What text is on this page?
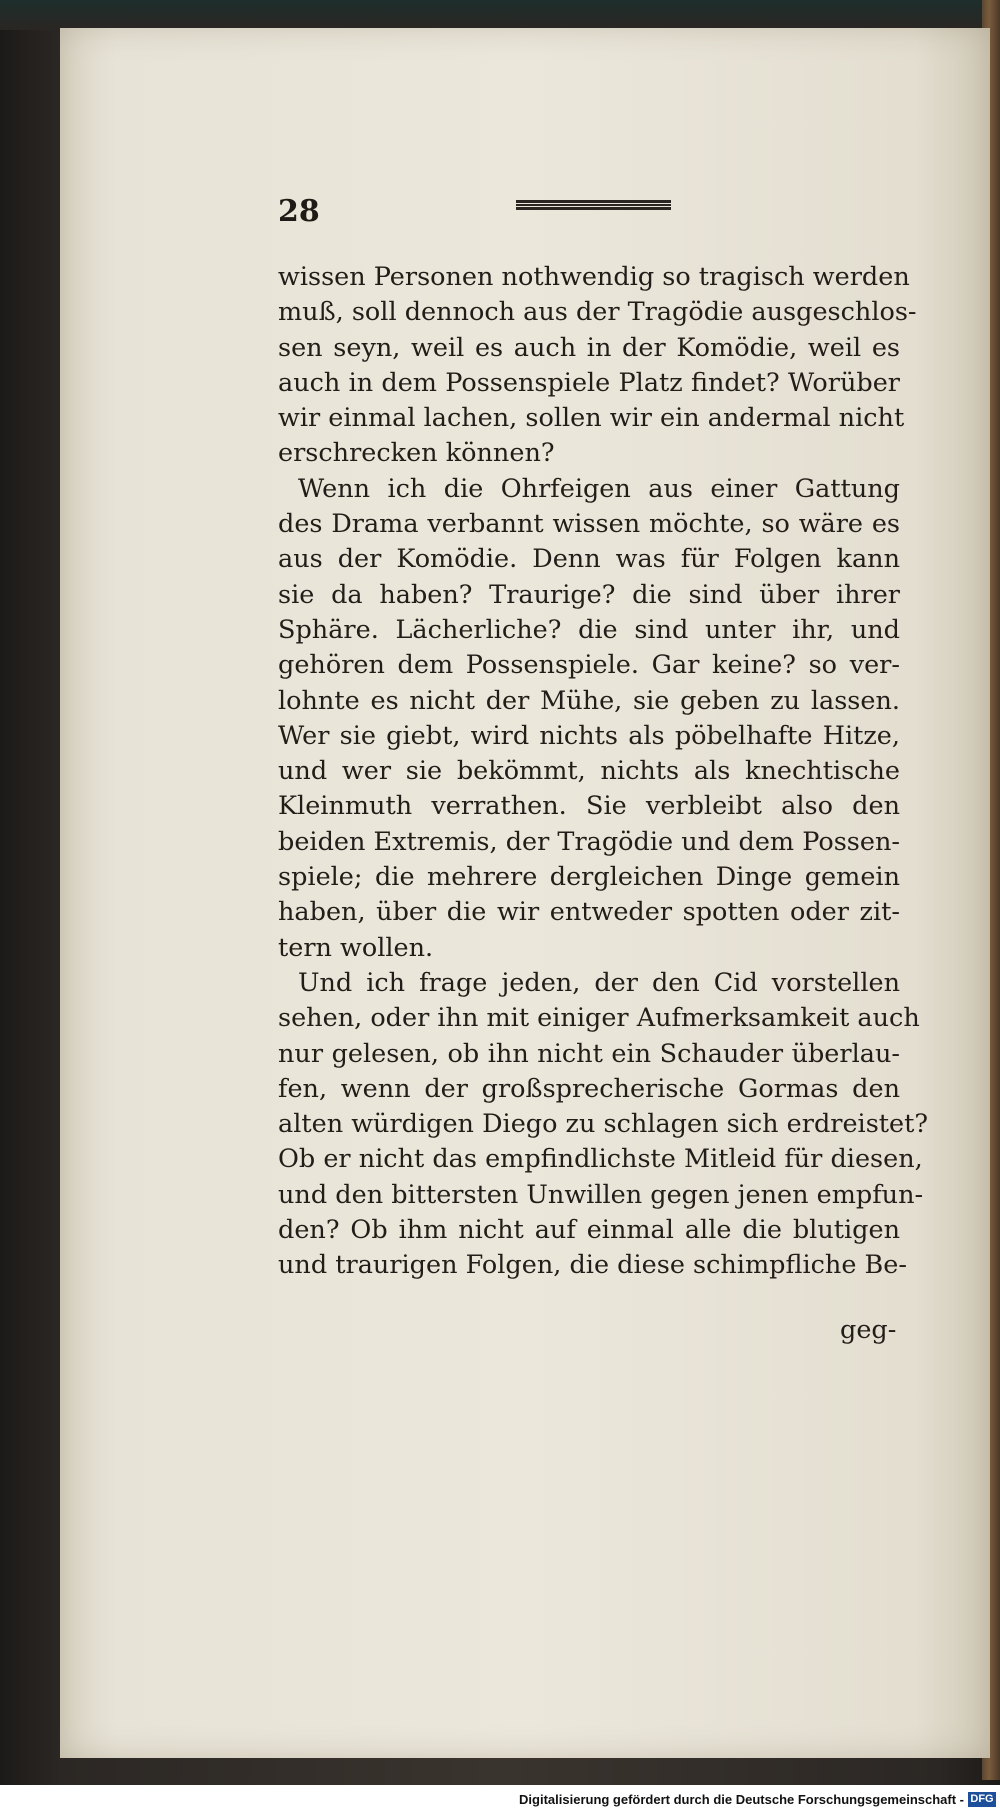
28
wissen Personen nothwendig so tragisch werden
muß, soll dennoch aus der Tragödie ausgeschlos-
sen seyn, weil es auch in der Komödie, weil es
auch in dem Possenspiele Platz findet? Worüber
wir einmal lachen, sollen wir ein andermal nicht
erschrecken können?
Wenn ich die Ohrfeigen aus einer Gattung
des Drama verbannt wissen möchte, so wäre es
aus der Komödie. Denn was für Folgen kann
sie da haben? Traurige? die sind über ihrer
Sphäre. Lächerliche? die sind unter ihr, und
gehören dem Possenspiele. Gar keine? so ver-
lohnte es nicht der Mühe, sie geben zu lassen.
Wer sie giebt, wird nichts als pöbelhafte Hitze,
und wer sie bekömmt, nichts als knechtische
Kleinmuth verrathen. Sie verbleibt also den
beiden Extremis, der Tragödie und dem Possen-
spiele; die mehrere dergleichen Dinge gemein
haben, über die wir entweder spotten oder zit-
tern wollen.
Und ich frage jeden, der den Cid vorstellen
sehen, oder ihn mit einiger Aufmerksamkeit auch
nur gelesen, ob ihn nicht ein Schauder überlau-
fen, wenn der großsprecherische Gormas den
alten würdigen Diego zu schlagen sich erdreistet?
Ob er nicht das empfindlichste Mitleid für diesen,
und den bittersten Unwillen gegen jenen empfun-
den? Ob ihm nicht auf einmal alle die blutigen
und traurigen Folgen, die diese schimpfliche Be-
geg-
Digitalisierung gefördert durch die Deutsche Forschungsgemeinschaft - DFG
